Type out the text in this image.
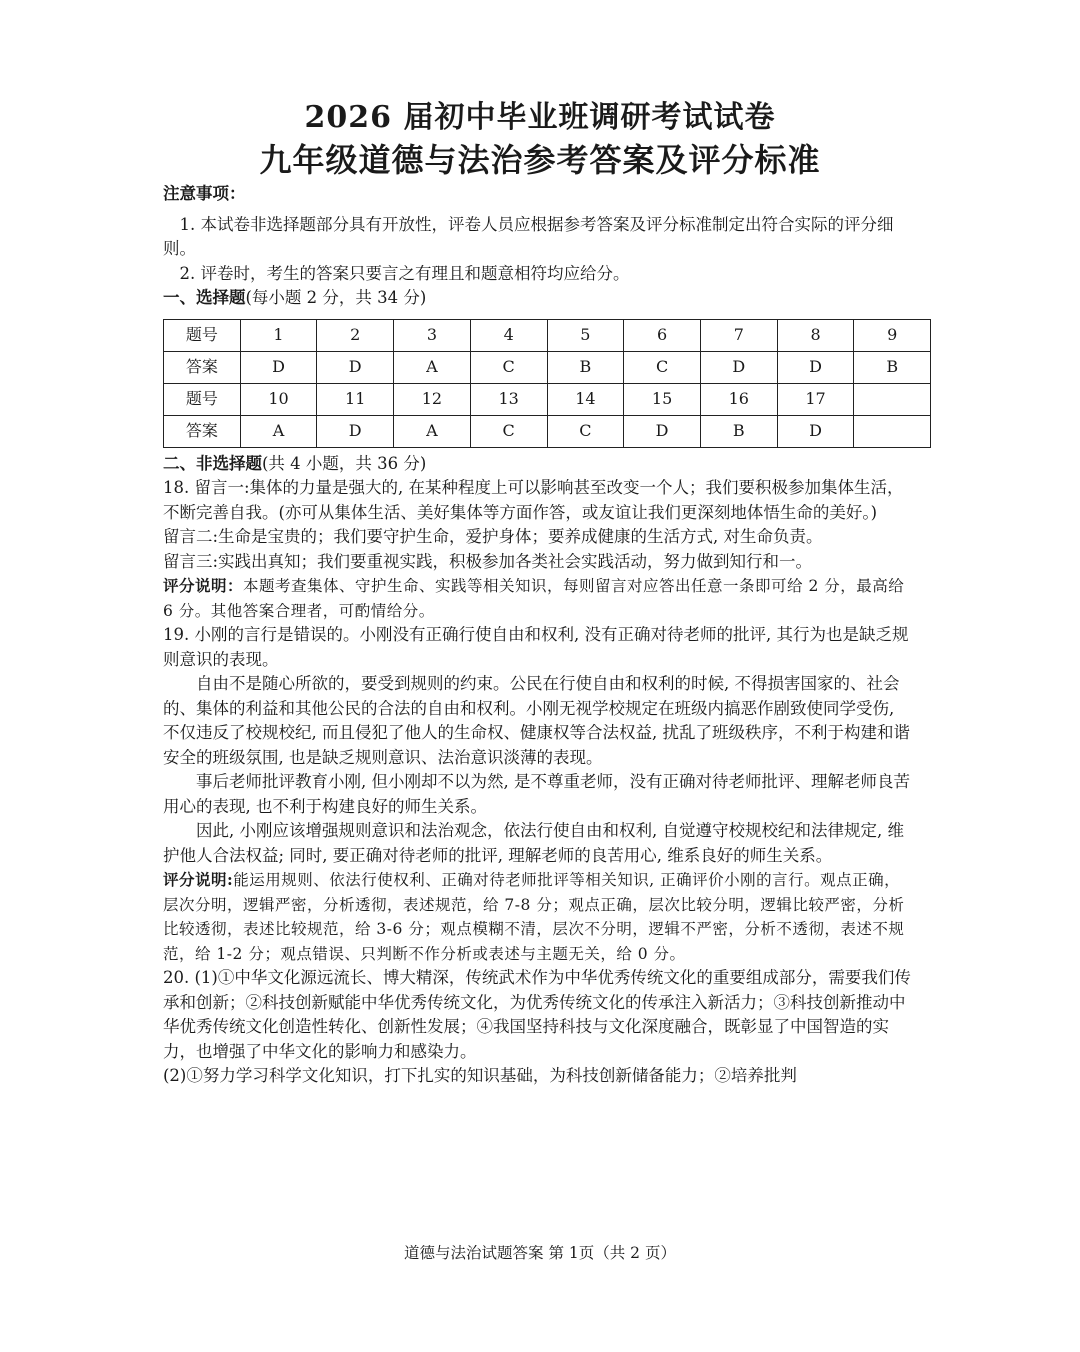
2026 届初中毕业班调研考试试卷
九年级道德与法治参考答案及评分标准

注意事项：

1. 本试卷非选择题部分具有开放性，评卷人员应根据参考答案及评分标准制定出符合实际的评分细则。

2. 评卷时，考生的答案只要言之有理且和题意相符均应给分。

一、选择题(每小题 2 分，共 34 分)

题号	1	2	3	4	5	6	7	8	9
答案	D	D	A	C	B	C	D	D	B
题号	10	11	12	13	14	15	16	17	
答案	A	D	A	C	C	D	B	D	

二、非选择题(共 4 小题，共 36 分)

18. 留言一:集体的力量是强大的, 在某种程度上可以影响甚至改变一个人；我们要积极参加集体生活，不断完善自我。(亦可从集体生活、美好集体等方面作答，或友谊让我们更深刻地体悟生命的美好。)

留言二:生命是宝贵的；我们要守护生命，爱护身体；要养成健康的生活方式, 对生命负责。

留言三:实践出真知；我们要重视实践，积极参加各类社会实践活动，努力做到知行和一。

评分说明：本题考查集体、守护生命、实践等相关知识，每则留言对应答出任意一条即可给 2 分，最高给 6 分。其他答案合理者，可酌情给分。

19. 小刚的言行是错误的。小刚没有正确行使自由和权利, 没有正确对待老师的批评, 其行为也是缺乏规则意识的表现。

自由不是随心所欲的，要受到规则的约束。公民在行使自由和权利的时候, 不得损害国家的、社会的、集体的利益和其他公民的合法的自由和权利。小刚无视学校规定在班级内搞恶作剧致使同学受伤, 不仅违反了校规校纪, 而且侵犯了他人的生命权、健康权等合法权益, 扰乱了班级秩序，不利于构建和谐安全的班级氛围, 也是缺乏规则意识、法治意识淡薄的表现。

事后老师批评教育小刚, 但小刚却不以为然, 是不尊重老师，没有正确对待老师批评、理解老师良苦用心的表现, 也不利于构建良好的师生关系。

因此, 小刚应该增强规则意识和法治观念，依法行使自由和权利, 自觉遵守校规校纪和法律规定, 维护他人合法权益; 同时, 要正确对待老师的批评, 理解老师的良苦用心, 维系良好的师生关系。

评分说明:能运用规则、依法行使权利、正确对待老师批评等相关知识, 正确评价小刚的言行。观点正确，层次分明，逻辑严密，分析透彻，表述规范，给 7-8 分；观点正确，层次比较分明，逻辑比较严密，分析比较透彻，表述比较规范，给 3-6 分；观点模糊不清，层次不分明，逻辑不严密，分析不透彻，表述不规范，给 1-2 分；观点错误、只判断不作分析或表述与主题无关，给 0 分。

20. (1)①中华文化源远流长、博大精深，传统武术作为中华优秀传统文化的重要组成部分，需要我们传承和创新；②科技创新赋能中华优秀传统文化，为优秀传统文化的传承注入新活力；③科技创新推动中华优秀传统文化创造性转化、创新性发展；④我国坚持科技与文化深度融合，既彰显了中国智造的实力，也增强了中华文化的影响力和感染力。

(2)①努力学习科学文化知识，打下扎实的知识基础，为科技创新储备能力；②培养批判

道德与法治试题答案 第 1页（共 2 页）
